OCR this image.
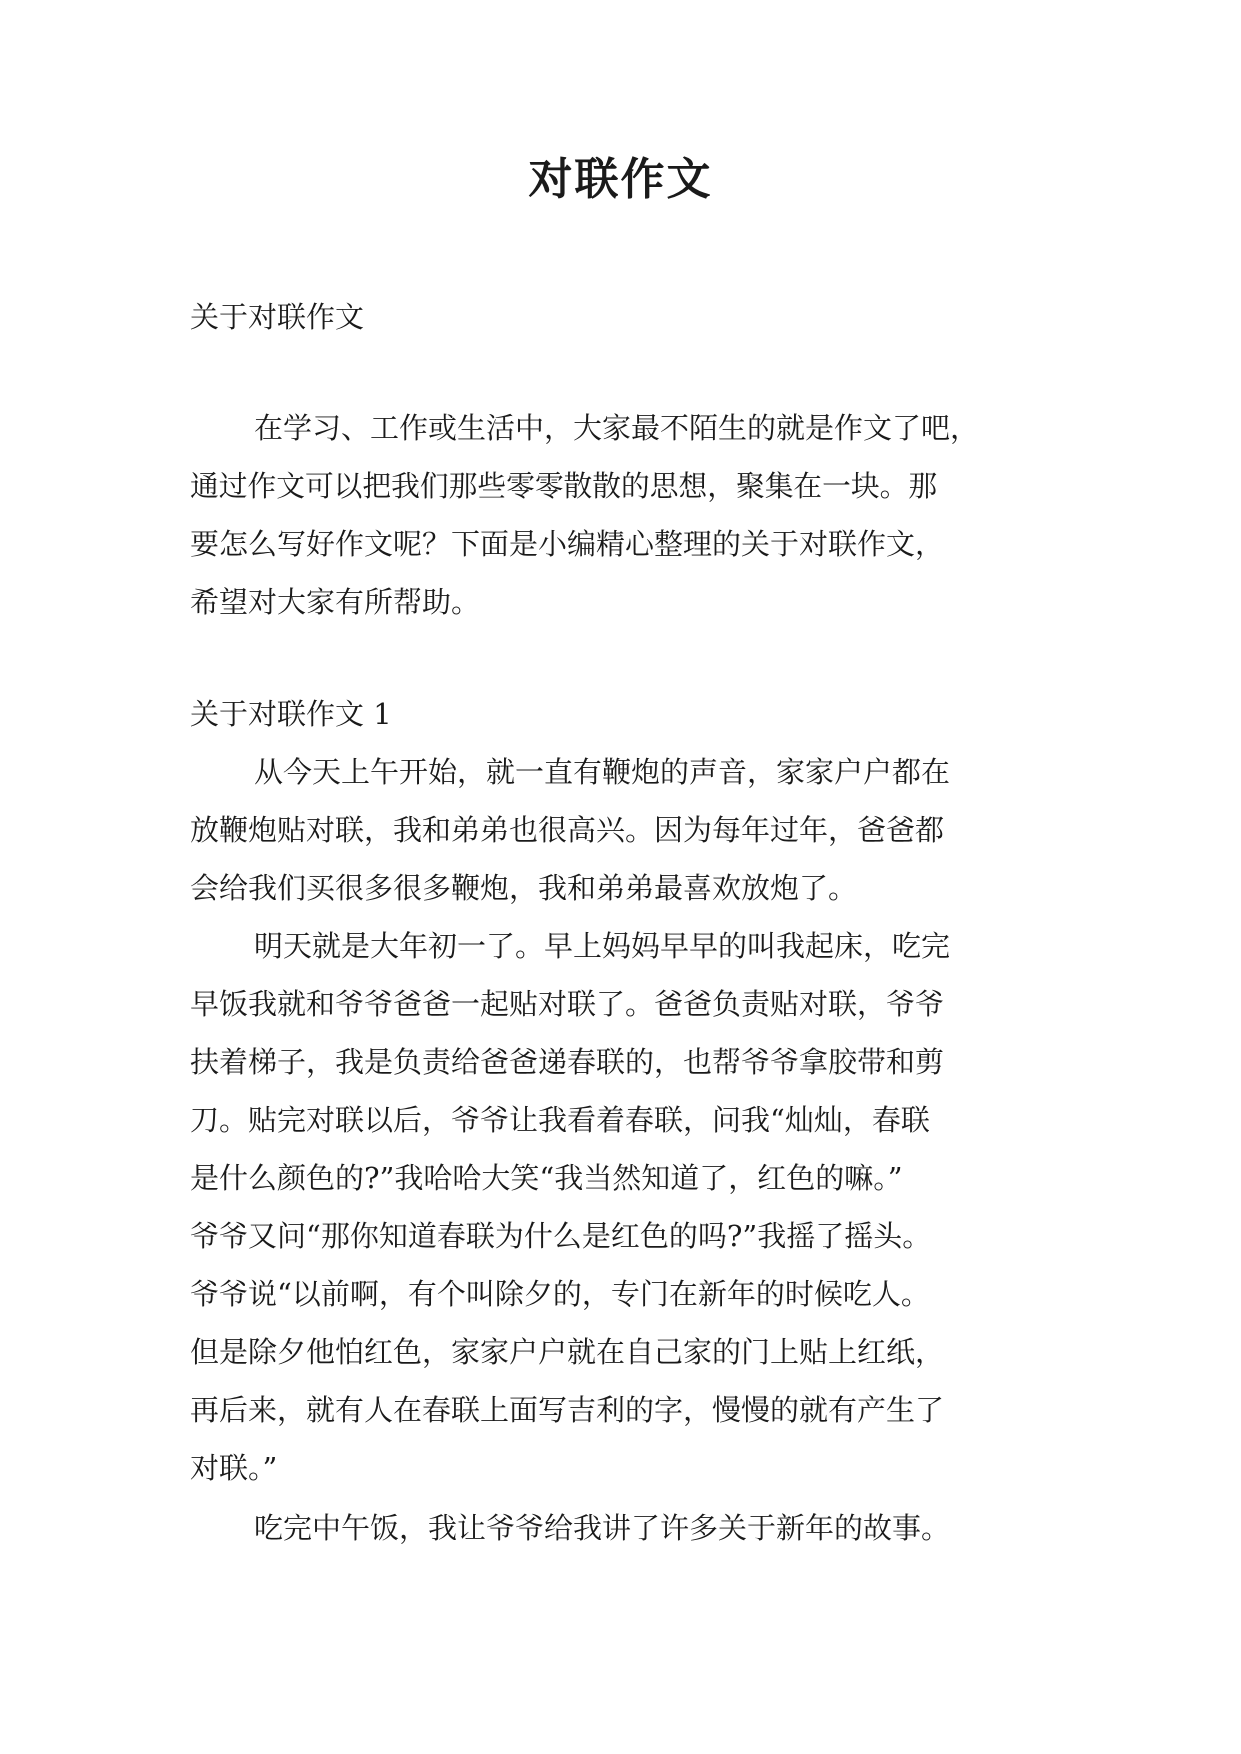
对联作文
关于对联作文
在学习、工作或生活中，大家最不陌生的就是作文了吧，
通过作文可以把我们那些零零散散的思想，聚集在一块。那
要怎么写好作文呢？下面是小编精心整理的关于对联作文，
希望对大家有所帮助。
关于对联作文 1
从今天上午开始，就一直有鞭炮的声音，家家户户都在
放鞭炮贴对联，我和弟弟也很高兴。因为每年过年，爸爸都
会给我们买很多很多鞭炮，我和弟弟最喜欢放炮了。
明天就是大年初一了。早上妈妈早早的叫我起床，吃完
早饭我就和爷爷爸爸一起贴对联了。爸爸负责贴对联，爷爷
扶着梯子，我是负责给爸爸递春联的，也帮爷爷拿胶带和剪
刀。贴完对联以后，爷爷让我看着春联，问我“灿灿，春联
是什么颜色的?”我哈哈大笑“我当然知道了，红色的嘛。”
爷爷又问“那你知道春联为什么是红色的吗?”我摇了摇头。
爷爷说“以前啊，有个叫除夕的，专门在新年的时候吃人。
但是除夕他怕红色，家家户户就在自己家的门上贴上红纸，
再后来，就有人在春联上面写吉利的字，慢慢的就有产生了
对联。”
吃完中午饭，我让爷爷给我讲了许多关于新年的故事。
